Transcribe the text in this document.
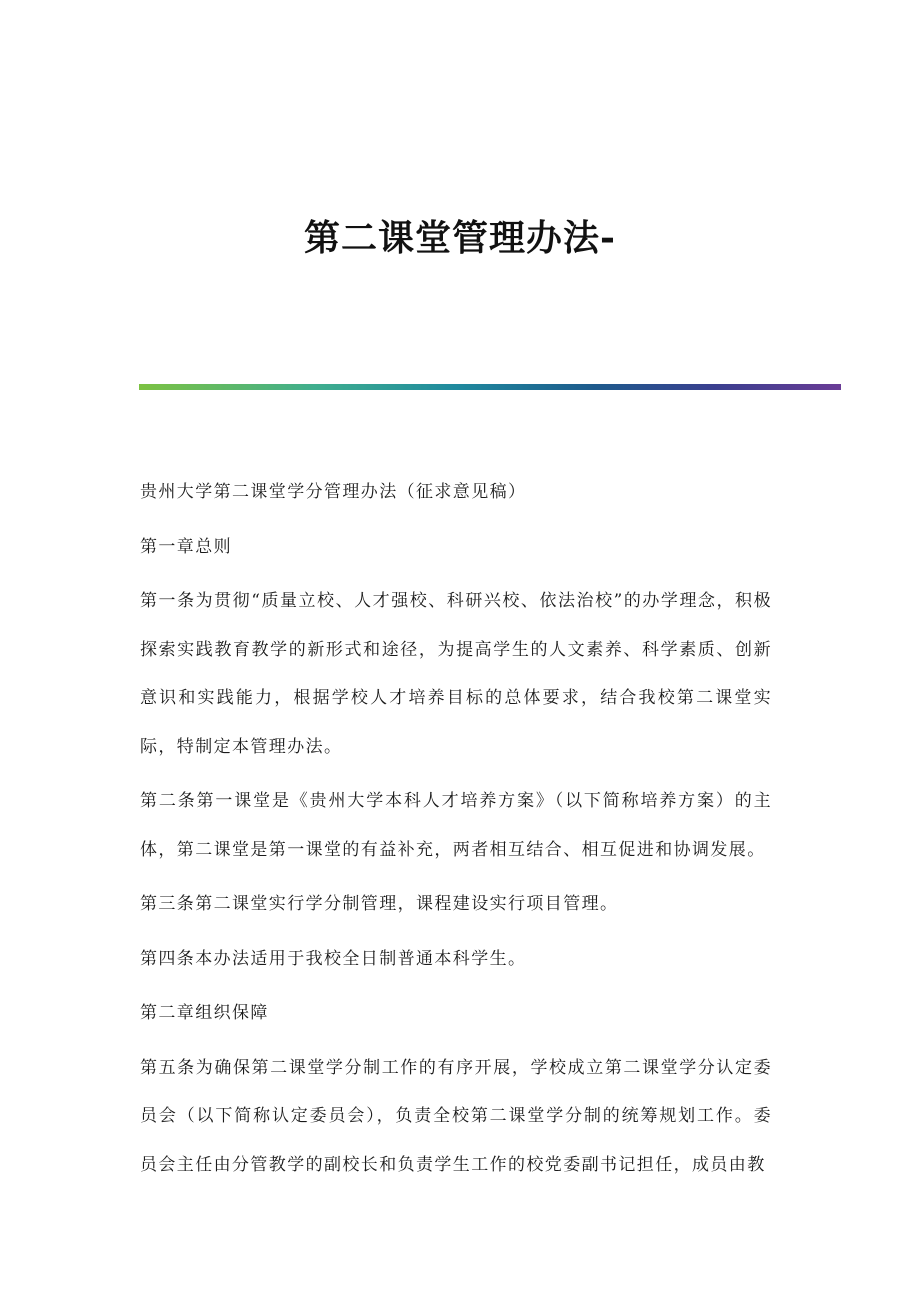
第二课堂管理办法-

贵州大学第二课堂学分管理办法（征求意见稿）

第一章总则

第一条为贯彻“质量立校、人才强校、科研兴校、依法治校”的办学理念，积极探索实践教育教学的新形式和途径，为提高学生的人文素养、科学素质、创新意识和实践能力，根据学校人才培养目标的总体要求，结合我校第二课堂实际，特制定本管理办法。

第二条第一课堂是《贵州大学本科人才培养方案》（以下简称培养方案）的主体，第二课堂是第一课堂的有益补充，两者相互结合、相互促进和协调发展。

第三条第二课堂实行学分制管理，课程建设实行项目管理。

第四条本办法适用于我校全日制普通本科学生。

第二章组织保障

第五条为确保第二课堂学分制工作的有序开展，学校成立第二课堂学分认定委员会（以下简称认定委员会），负责全校第二课堂学分制的统筹规划工作。委员会主任由分管教学的副校长和负责学生工作的校党委副书记担任，成员由教
